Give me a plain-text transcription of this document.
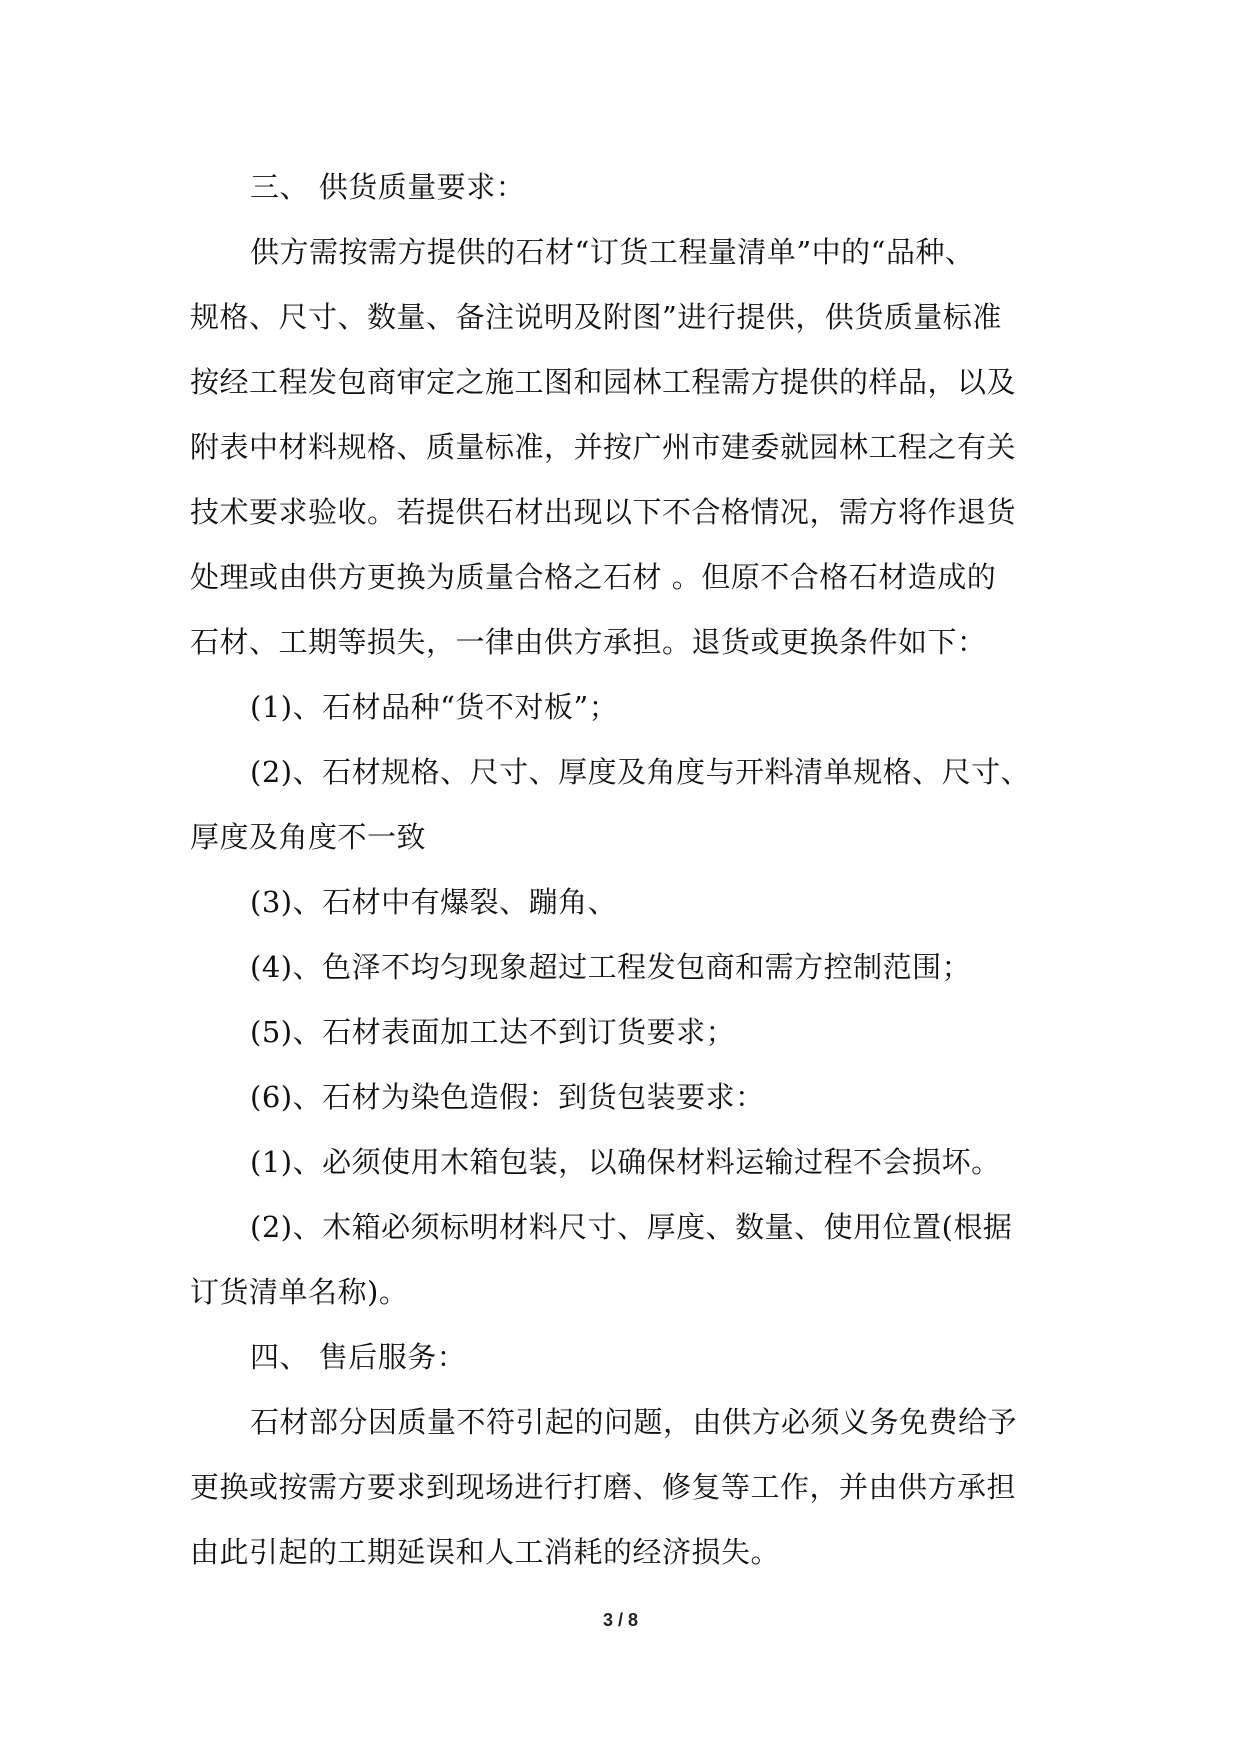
三、 供货质量要求：
供方需按需方提供的石材“订货工程量清单”中的“品种、
规格、尺寸、数量、备注说明及附图”进行提供，供货质量标准
按经工程发包商审定之施工图和园林工程需方提供的样品，以及
附表中材料规格、质量标准，并按广州市建委就园林工程之有关
技术要求验收。若提供石材出现以下不合格情况，需方将作退货
处理或由供方更换为质量合格之石材 。但原不合格石材造成的
石材、工期等损失，一律由供方承担。退货或更换条件如下：
(1)、石材品种“货不对板”；
(2)、石材规格、尺寸、厚度及角度与开料清单规格、尺寸、
厚度及角度不一致
(3)、石材中有爆裂、蹦角、
(4)、色泽不均匀现象超过工程发包商和需方控制范围；
(5)、石材表面加工达不到订货要求；
(6)、石材为染色造假：到货包装要求：
(1)、必须使用木箱包装，以确保材料运输过程不会损坏。
(2)、木箱必须标明材料尺寸、厚度、数量、使用位置(根据
订货清单名称)。
四、 售后服务：
石材部分因质量不符引起的问题，由供方必须义务免费给予
更换或按需方要求到现场进行打磨、修复等工作，并由供方承担
由此引起的工期延误和人工消耗的经济损失。
3 / 8
